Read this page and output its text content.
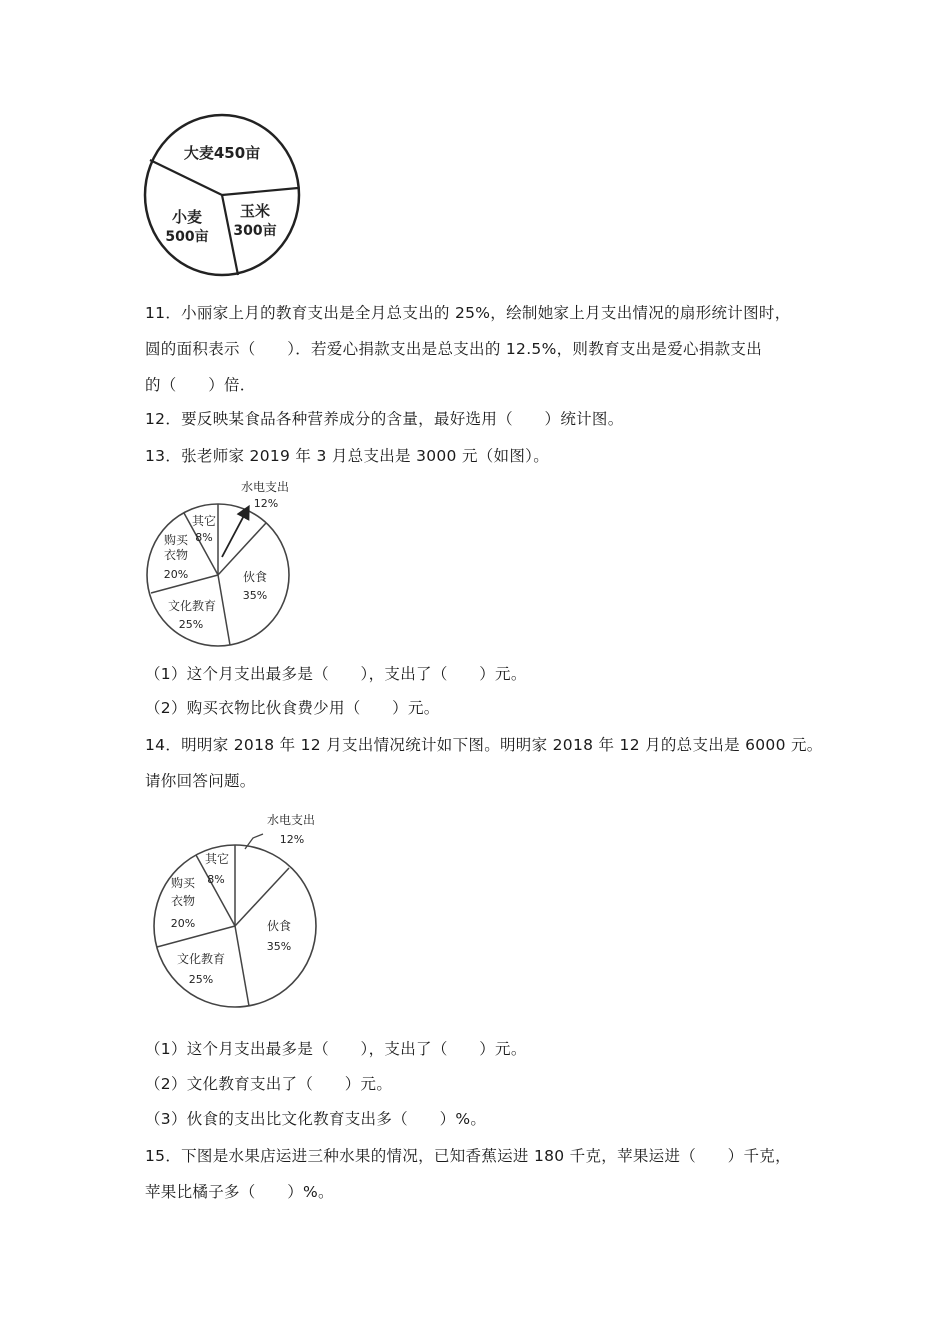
大麦450亩
小麦
500亩
玉米
300亩
11．小丽家上月的教育支出是全月总支出的 25%，绘制她家上月支出情况的扇形统计图时，
圆的面积表示（　　）．若爱心捐款支出是总支出的 12.5%，则教育支出是爱心捐款支出
的（　　）倍．
12．要反映某食品各种营养成分的含量，最好选用（　　）统计图。
13．张老师家 2019 年 3 月总支出是 3000 元（如图）。
水电支出
12%
伙食
35%
文化教育
25%
购买
衣物
20%
其它
8%
（1）这个月支出最多是（　　），支出了（　　）元。
（2）购买衣物比伙食费少用（　　）元。
14．明明家 2018 年 12 月支出情况统计如下图。明明家 2018 年 12 月的总支出是 6000 元。
请你回答问题。
水电支出
12%
伙食
35%
文化教育
25%
购买
衣物
20%
其它
8%
（1）这个月支出最多是（　　），支出了（　　）元。
（2）文化教育支出了（　　）元。
（3）伙食的支出比文化教育支出多（　　）%。
15．下图是水果店运进三种水果的情况，已知香蕉运进 180 千克，苹果运进（　　）千克，
苹果比橘子多（　　）%。
